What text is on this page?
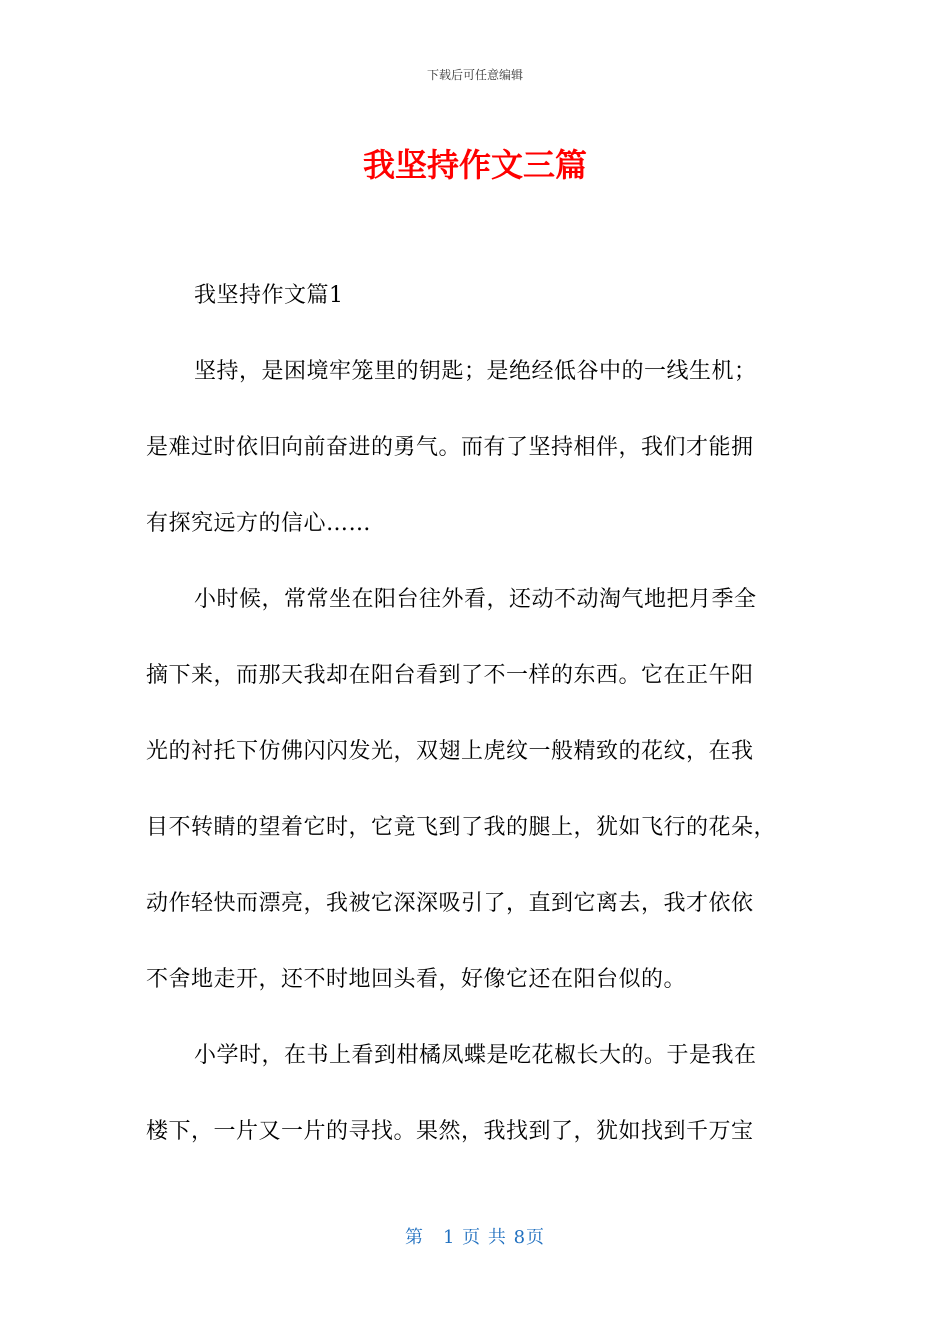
下载后可任意编辑
我坚持作文三篇
我坚持作文篇1
坚持，是困境牢笼里的钥匙；是绝经低谷中的一线生机；
是难过时依旧向前奋进的勇气。而有了坚持相伴，我们才能拥
有探究远方的信心……
小时候，常常坐在阳台往外看，还动不动淘气地把月季全
摘下来，而那天我却在阳台看到了不一样的东西。它在正午阳
光的衬托下仿佛闪闪发光，双翅上虎纹一般精致的花纹，在我
目不转睛的望着它时，它竟飞到了我的腿上，犹如飞行的花朵，
动作轻快而漂亮，我被它深深吸引了，直到它离去，我才依依
不舍地走开，还不时地回头看，好像它还在阳台似的。
小学时，在书上看到柑橘凤蝶是吃花椒长大的。于是我在
楼下，一片又一片的寻找。果然，我找到了，犹如找到千万宝
第　1 页 共 8页
